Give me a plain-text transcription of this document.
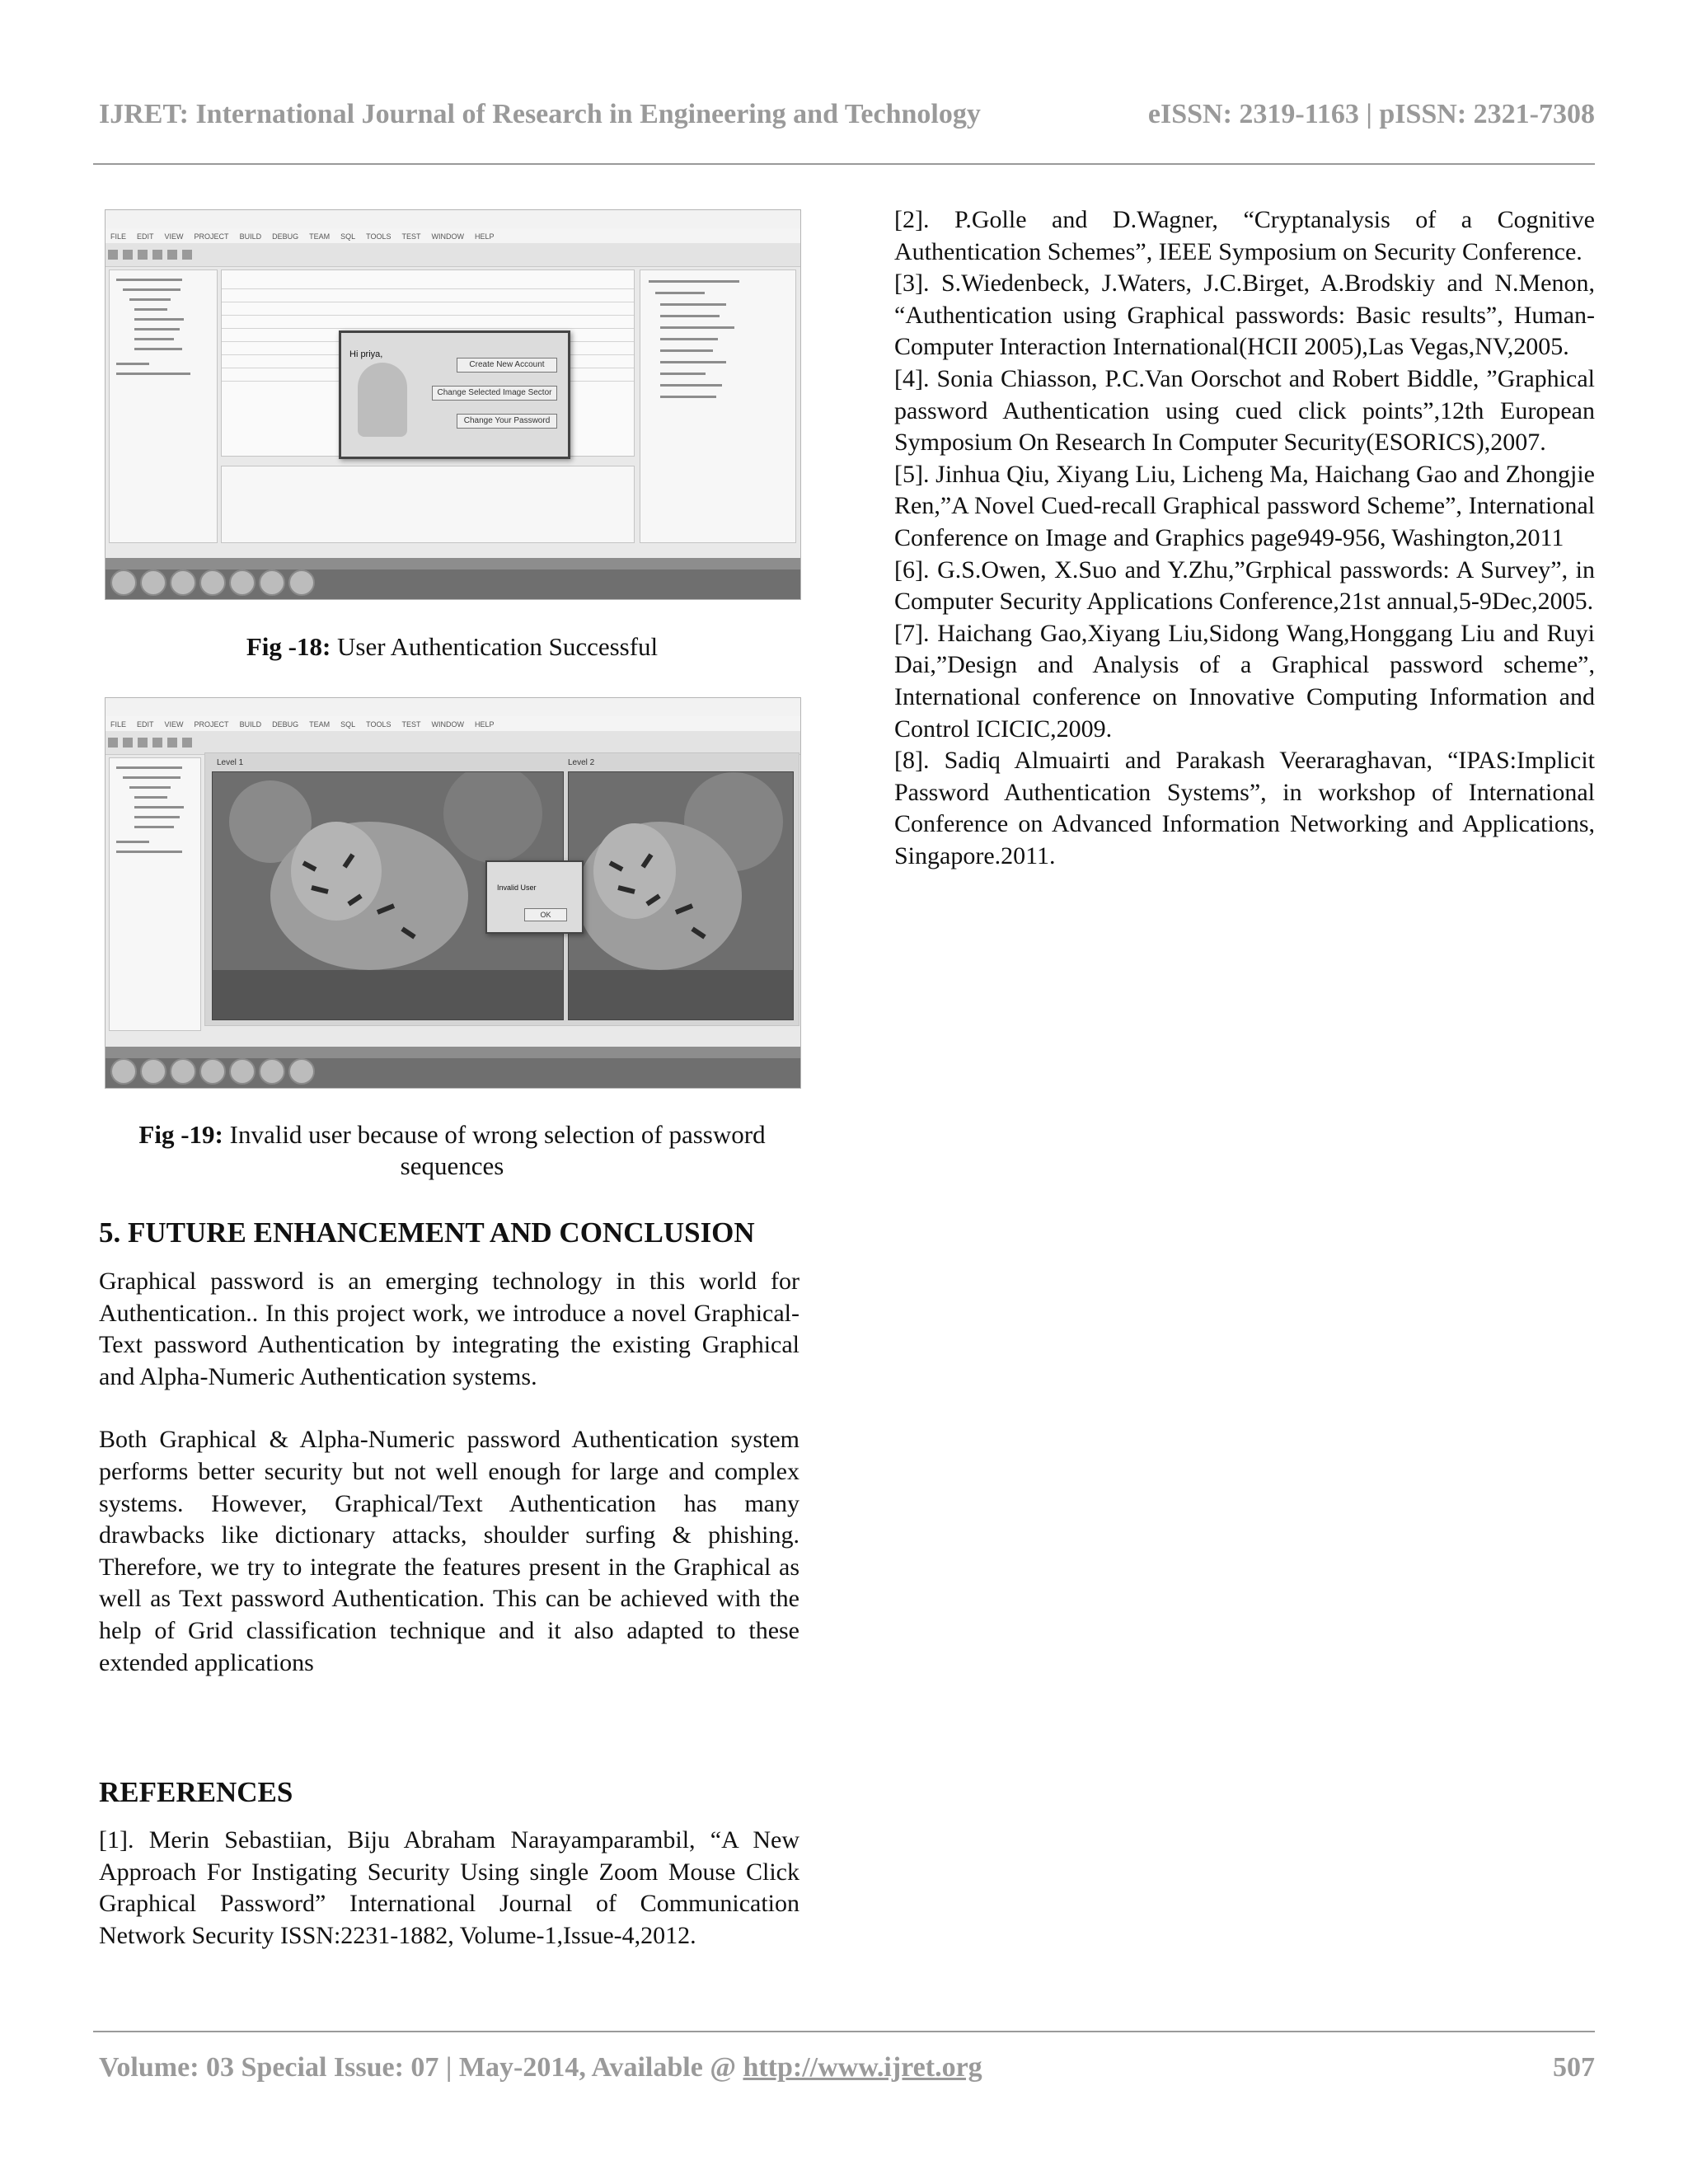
IJRET: International Journal of Research in Engineering and Technology	eISSN: 2319-1163 | pISSN: 2321-7308
FILE EDIT VIEW PROJECT BUILD DEBUG TEAM SQL TOOLS TEST WINDOW HELP
Hi priya,
Create New Account
Change Selected Image Sector
Change Your Password
Fig -18: User Authentication Successful
FILE EDIT VIEW PROJECT BUILD DEBUG TEAM SQL TOOLS TEST WINDOW HELP
Level 1	Level 2
Invalid User
OK
Fig -19: Invalid user because of wrong selection of password sequences
5. FUTURE ENHANCEMENT AND CONCLUSION

Graphical password is an emerging technology in this world for Authentication.. In this project work, we introduce a novel Graphical-Text password Authentication by integrating the existing Graphical and Alpha-Numeric Authentication systems.

Both Graphical & Alpha-Numeric password Authentication system performs better security but not well enough for large and complex systems. However, Graphical/Text Authentication has many drawbacks like dictionary attacks, shoulder surfing & phishing. Therefore, we try to integrate the features present in the Graphical as well as Text password Authentication. This can be achieved with the help of Grid classification technique and it also adapted to these extended applications

REFERENCES

[1]. Merin Sebastiian, Biju Abraham Narayamparambil, “A New Approach For Instigating Security Using single Zoom Mouse Click Graphical Password” International Journal of Communication Network Security ISSN:2231-1882, Volume-1,Issue-4,2012.

[2]. P.Golle and D.Wagner, “Cryptanalysis of a Cognitive Authentication Schemes”, IEEE Symposium on Security Conference.

[3]. S.Wiedenbeck, J.Waters, J.C.Birget, A.Brodskiy and N.Menon, “Authentication using Graphical passwords: Basic results”, Human-Computer Interaction International(HCII 2005),Las Vegas,NV,2005.

[4]. Sonia Chiasson, P.C.Van Oorschot and Robert Biddle, ”Graphical password Authentication using cued click points”,12th European Symposium On Research In Computer Security(ESORICS),2007.

[5]. Jinhua Qiu, Xiyang Liu, Licheng Ma, Haichang Gao and Zhongjie Ren,”A Novel Cued-recall Graphical password Scheme”, International Conference on Image and Graphics page949-956, Washington,2011

[6]. G.S.Owen, X.Suo and Y.Zhu,”Grphical passwords: A Survey”, in Computer Security Applications Conference,21st annual,5-9Dec,2005.

[7]. Haichang Gao,Xiyang Liu,Sidong Wang,Honggang Liu and Ruyi Dai,”Design and Analysis of a Graphical password scheme”, International conference on Innovative Computing Information and Control ICICIC,2009.

[8]. Sadiq Almuairti and Parakash Veeraraghavan, “IPAS:Implicit Password Authentication Systems”, in workshop of International Conference on Advanced Information Networking and Applications, Singapore.2011.

Volume: 03 Special Issue: 07 | May-2014, Available @ http://www.ijret.org	507
